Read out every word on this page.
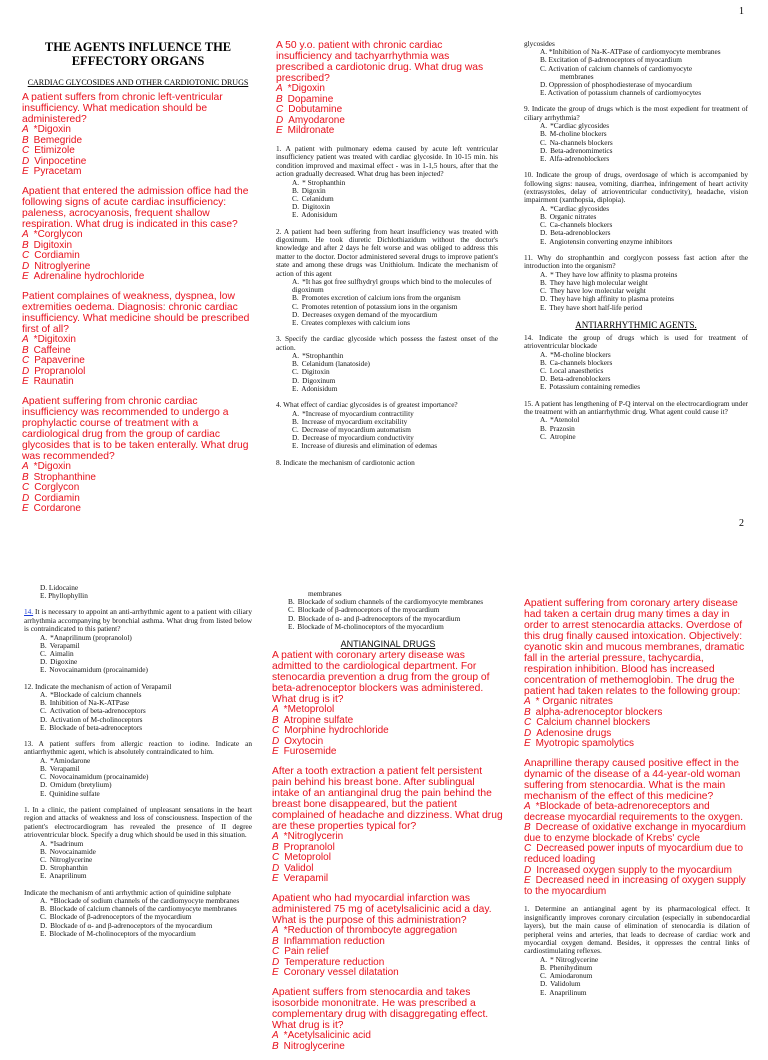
1
THE AGENTS INFLUENCE THE EFFECTORY ORGANS
CARDIAC GLYCOSIDES AND OTHER CARDIOTONIC DRUGS
A patient suffers from chronic left-ventricular insufficiency. What medication should be administered?
A *Digoxin
B Bemegride
C Etimizole
D Vinpocetine
E Pyracetam
Apatient that entered the admission office had the following signs of acute cardiac insufficiency: paleness, acrocyanosis, frequent shallow respiration. What drug is indicated in this case?
A *Corglycon
B Digitoxin
C Cordiamin
D Nitroglyerine
E Adrenaline hydrochloride
Patient complaines of weakness, dyspnea, low extremities oedema. Diagnosis: chronic cardiac insufficiency. What medicine should be prescribed first of all?
A *Digitoxin
B Caffeine
C Papaverine
D Propranolol
E Raunatin
Apatient suffering from chronic cardiac insufficiency was recommended to undergo a prophylactic course of treatment with a cardiological drug from the group of cardiac glycosides that is to be taken enterally. What drug was recommended?
A *Digoxin
B Strophanthine
C Corglycon
D Cordiamin
E Cordarone
A 50 y.o. patient with chronic cardiac insufficiency and tachyarrhythmia was prescribed a cardiotonic drug. What drug was prescribed?
A *Digoxin
B Dopamine
C Dobutamine
D Amyodarone
E Mildronate
1. A patient with pulmonary edema caused by acute left ventricular insufficiency patient was treated with cardiac glycoside. In 10-15 min. his condition improved and maximal effect - was in 1-1,5 hours, after that the action gradually decreased. What drug has been injected?
A. * Strophanthin
B. Digoxin
C. Celanidum
D. Digitoxin
E. Adonisidum
2. A patient had been suffering from heart insufficiency was treated with digoxinum. He took diuretic Dichlothiazidum without the doctor's knowledge and after 2 days he felt worse and was obliged to address this matter to the doctor. Doctor administered several drugs to improve patient's state and among these drugs was Unithiolum. Indicate the mechanism of action of this agent
A. *It has got free sulfhydryl groups which bind to the molecules of digoxinum
B. Promotes excretion of calcium ions from the organism
C. Promotes retention of potassium ions in the organism
D. Decreases oxygen demand of the myocardium
E. Creates complexes with calcium ions
3. Specify the cardiac glycoside which possess the fastest onset of the action.
A. *Strophanthin
B. Celanidum (lanatoside)
C. Digitoxin
D. Digoxinum
E. Adonisidum
4. What effect of cardiac glycosides is of greatest importance?
A. *Increase of myocardium contractility
B. Increase of myocardium excitability
C. Decrease of myocardium automatism
D. Decrease of myocardium conductivity
E. Increase of diuresis and elimination of edemas
8. Indicate the mechanism of cardiotonic action
glycosides
A. *Inhibition of Na-K-ATPase of cardiomyocyte membranes
B. Excitation of β-adrenoceptors of myocardium
C. Activation of calcium channels of cardiomyocyte
membranes
D. Oppression of phosphodiesterase of myocardium
E. Activation of potassium channels of cardiomyocytes
9. Indicate the group of drugs which is the most expedient for treatment of ciliary arrhythmia?
A. *Cardiac glycosides
B. M-choline blockers
C. Na-channels blockers
D. Beta-adrenomimetics
E. Alfa-adrenoblockers
10. Indicate the group of drugs, overdosage of which is accompanied by following signs: nausea, vomiting, diarrhea, infringement of heart activity (extrasystoles, delay of atrioventricular conductivity), headache, vision impairment (xanthopsia, diplopia).
A. *Cardiac glycosides
B. Organic nitrates
C. Ca-channels blockers
D. Beta-adrenoblockers
E. Angiotensin converting enzyme inhibitors
11. Why do strophanthin and corglycon possess fast action after the introduction into the organism?
A. * They have low affinity to plasma proteins
B. They have high molecular weight
C. They have low molecular weight
D. They have high affinity to plasma proteins
E. They have short half-life period
ANTIARRHYTHMIC AGENTS.
14. Indicate the group of drugs which is used for treatment of atrioventricular blockade
A. *M-choline blockers
B. Ca-channels blockers
C. Local anaesthetics
D. Beta-adrenoblockers
E. Potassium containing remedies
15. A patient has lengthening of P-Q interval on the electrocardiogram under the treatment with an antiarrhythmic drug. What agent could cause it?
A. *Atenolol
B. Prazosin
C. Atropine
2
D. Lidocaine
E. Phyllophyllin
14. It is necessary to appoint an anti-arrhythmic agent to a patient with ciliary arrhythmia accompanying by bronchial asthma. What drug from listed below is contraindicated to this patient?
A. *Anaprilinum (propranolol)
B. Verapamil
C. Aimalin
D. Digoxine
E. Novocainamidum (procainamide)
12. Indicate the mechanism of action of Verapamil
A. *Blockade of calcium channels
B. Inhibition of Na-K-ATPase
C. Activation of beta-adrenoceptors
D. Activation of M-cholinoceptors
E. Blockade of beta-adrenoceptors
13. A patient suffers from allergic reaction to iodine. Indicate an antiarrhythmic agent, which is absolutely contraindicated to him.
A. *Amiodarone
B. Verapamil
C. Novocainamidum (procainamide)
D. Ornidum (bretylium)
E. Quinidine sulfate
1. In a clinic, the patient complained of unpleasant sensations in the heart region and attacks of weakness and loss of consciousness. Inspection of the patient's electrocardiogram has revealed the presence of II degree atrioventricular block. Specify a drug which should be used in this situation.
A. *Isadrinum
B. Novocainamide
C. Nitroglycerine
D. Strophanthin
E. Anaprilinum
Indicate the mechanism of anti arrhythmic action of quinidine sulphate
A. *Blockade of sodium channels of the cardiomyocyte membranes
B. Blockade of calcium channels of the cardiomyocyte membranes
C. Blockade of β-adrenoceptors of the myocardium
D. Blockade of α- and β-adrenoceptors of the myocardium
E. Blockade of M-cholinoceptors of the myocardium
membranes
B. Blockade of sodium channels of the cardiomyocyte membranes
C. Blockade of β-adrenoceptors of the myocardium
D. Blockade of α- and β-adrenoceptors of the myocardium
E. Blockade of M-cholinoceptors of the myocardium
ANTIANGINAL DRUGS
A patient with coronary artery disease was admitted to the cardiological department. For stenocardia prevention a drug from the group of beta-adrenoceptor blockers was administered. What drug is it?
A *Metoprolol
B Atropine sulfate
C Morphine hydrochloride
D Oxytocin
E Furosemide
After a tooth extraction a patient felt persistent pain behind his breast bone. After sublingual intake of an antianginal drug the pain behind the breast bone disappeared, but the patient complained of headache and dizziness. What drug are these properties typical for?
A *Nitroglycerin
B Propranolol
C Metoprolol
D Validol
E Verapamil
Apatient who had myocardial infarction was administered 75 mg of acetylsalicinic acid a day. What is the purpose of this administration?
A *Reduction of thrombocyte aggregation
B Inflammation reduction
C Pain relief
D Temperature reduction
E Coronary vessel dilatation
Apatient suffers from stenocardia and takes isosorbide mononitrate. He was prescribed a complementary drug with disaggregating effect. What drug is it?
A *Acetylsalicinic acid
B Nitroglycerine
Apatient suffering from coronary artery disease had taken a certain drug many times a day in order to arrest stenocardia attacks. Overdose of this drug finally caused intoxication. Objectively: cyanotic skin and mucous membranes, dramatic fall in the arterial pressure, tachycardia, respiration inhibition. Blood has increased concentration of methemoglobin. The drug the patient had taken relates to the following group:
A * Organic nitrates
B alpha-adrenoceptor blockers
C Calcium channel blockers
D Adenosine drugs
E Myotropic spamolytics
Anaprilline therapy caused positive effect in the dynamic of the disease of a 44-year-old woman suffering from stenocardia. What is the main mechanism of the effect of this medicine?
A *Blockade of beta-adrenoreceptors and decrease myocardial requirements to the oxygen.
B Decrease of oxidative exchange in myocardium due to enzyme blockade of Krebs' cycle
C Decreased power inputs of myocardium due to reduced loading
D Increased oxygen supply to the myocardium
E Decreased need in increasing of oxygen supply to the myocardium
1. Determine an antianginal agent by its pharmacological effect. It insignificantly improves coronary circulation (especially in subendocardial layers), but the main cause of elimination of stenocardia is dilation of peripheral veins and arteries, that leads to decrease of cardiac work and myocardial oxygen demand. Besides, it oppresses the central links of cardiostimulating reflexes.
A. * Nitroglycerine
B. Phenihydinum
C. Amiodaronum
D. Validolum
E. Anaprilinum
